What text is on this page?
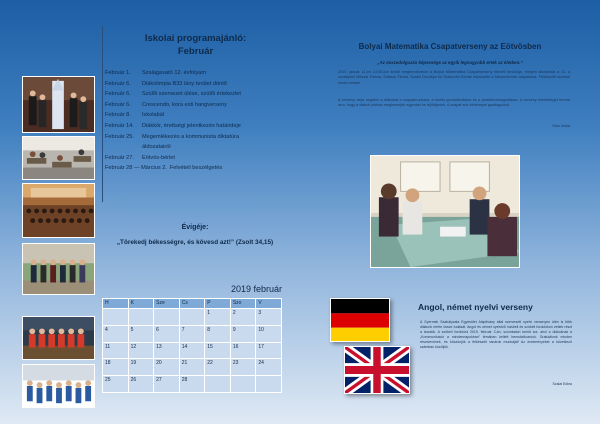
Iskolai programajánló:
Február
Február 1.	Szalagavató 12. évfolyam
Február 6.	Diákolimpia B33 lány terület döntő
Február 6.	Szülői szervezet ülése, szülői értekezlet
Február 6.	Crescendo, kora esti hangverseny
Február 8.	Iskolabál
Február 14.	Diákkör, érettségi jelentkezés határideje
Február 25.	Megemlékezés a kommunista diktatúra
áldozatairól
Február 27.	Eötvös-bérlet
Február 28 — Március 2. Felvételi beszélgetés
Évigéje:
„Törekedj békességre, és kövesd azt!” (Zsolt 34,15)
2019 február
H	K	Sze	Cs	P	Szo	V
				1	2	3
4	5	6	7	8	9	10
11	12	13	14	15	16	17
18	19	20	21	22	23	24
25	26	27	28			
Bolyai Matematika Csapatverseny az Eötvösben
„Az összedolgozás képessége az egyik legnagyobb érték az életben.”
2019. január 11-én 14:00-kor került megrendezésre a Bolyai Matematika Csapatverseny körzeti fordulója, melyen iskolánkat a 11. a osztályból Mészár Panna, Szikszy Timea, Szabó Dorottya és Szászvári Kende képviselte a Mesemérnök csapatával. Felkészítő tanáruk Imola mester.
A verseny célja segíteni a diákokat a csapatmunkára, a közös gondolkodásra és a problémamegoldásra. A verseny lehetőséget teremt arra, hogy a diákok jobban megismerjék egymást és fejlődjenek. A csapat sok élménnyel gazdagodott.
Kiss Imola
Angol, német nyelvi verseny
A Gyermek Szabályzata Egyesület Alapítvány által szervezett nyelvi versenyen idén is több diákunk mérte össze tudását. Angol és német nyelvből írásbeli és szóbeli fordulókon vettek részt a tanulók. A szóbeli fordulóra 2019. február 2-án, szombaton került sor, ahol a diákoknak a „Kommunikáció a mindennapokban” témában kellett bemutatkozniuk. Gratulálunk minden résztvevőnek, és köszönjük a felkészítő tanárok munkáját! Az eredményeket a következő számban közöljük.
Szalai Edina
